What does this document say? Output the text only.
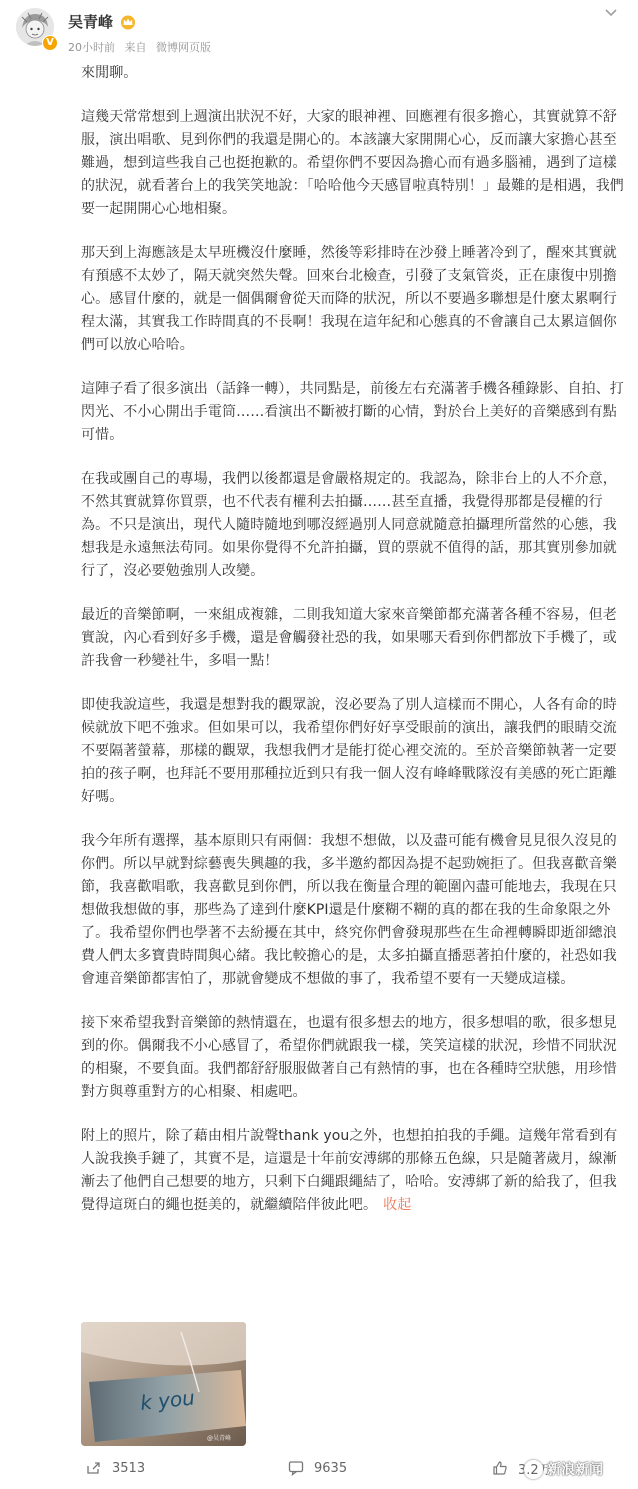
V
吴青峰
20小时前 来自 微博网页版

來閒聊。

這幾天常常想到上週演出狀況不好，大家的眼神裡、回應裡有很多擔心，其實就算不舒服，演出唱歌、見到你們的我還是開心的。本該讓大家開開心心，反而讓大家擔心甚至難過，想到這些我自己也挺抱歉的。希望你們不要因為擔心而有過多腦補，遇到了這樣的狀況，就看著台上的我笑笑地說：「哈哈他今天感冒啦真特別！」最難的是相遇，我們要一起開開心心地相聚。

那天到上海應該是太早班機沒什麼睡，然後等彩排時在沙發上睡著冷到了，醒來其實就有預感不太妙了，隔天就突然失聲。回來台北檢查，引發了支氣管炎，正在康復中別擔心。感冒什麼的，就是一個偶爾會從天而降的狀況，所以不要過多聯想是什麼太累啊行程太滿，其實我工作時間真的不長啊！我現在這年紀和心態真的不會讓自己太累這個你們可以放心哈哈。

這陣子看了很多演出（話鋒一轉），共同點是，前後左右充滿著手機各種錄影、自拍、打閃光、不小心開出手電筒……看演出不斷被打斷的心情，對於台上美好的音樂感到有點可惜。

在我或團自己的專場，我們以後都還是會嚴格規定的。我認為，除非台上的人不介意，不然其實就算你買票，也不代表有權利去拍攝……甚至直播，我覺得那都是侵權的行為。不只是演出，現代人隨時隨地到哪沒經過別人同意就隨意拍攝理所當然的心態，我想我是永遠無法苟同。如果你覺得不允許拍攝，買的票就不值得的話，那其實別參加就行了，沒必要勉強別人改變。

最近的音樂節啊，一來組成複雜，二則我知道大家來音樂節都充滿著各種不容易，但老實說，內心看到好多手機，還是會觸發社恐的我，如果哪天看到你們都放下手機了，或許我會一秒變社牛，多唱一點！

即使我說這些，我還是想對我的觀眾說，沒必要為了別人這樣而不開心，人各有命的時候就放下吧不強求。但如果可以，我希望你們好好享受眼前的演出，讓我們的眼睛交流不要隔著螢幕，那樣的觀眾，我想我們才是能打從心裡交流的。至於音樂節執著一定要拍的孩子啊，也拜託不要用那種拉近到只有我一個人沒有峰峰戰隊沒有美感的死亡距離好嗎。

我今年所有選擇，基本原則只有兩個：我想不想做，以及盡可能有機會見見很久沒見的你們。所以早就對綜藝喪失興趣的我，多半邀約都因為提不起勁婉拒了。但我喜歡音樂節，我喜歡唱歌，我喜歡見到你們，所以我在衡量合理的範圍內盡可能地去，我現在只想做我想做的事，那些為了達到什麼KPI還是什麼糊不糊的真的都在我的生命象限之外了。我希望你們也學著不去紛擾在其中，終究你們會發現那些在生命裡轉瞬即逝卻總浪費人們太多寶貴時間與心緒。我比較擔心的是，太多拍攝直播惡著拍什麼的，社恐如我會連音樂節都害怕了，那就會變成不想做的事了，我希望不要有一天變成這樣。

接下來希望我對音樂節的熱情還在，也還有很多想去的地方，很多想唱的歌，很多想見到的你。偶爾我不小心感冒了，希望你們就跟我一樣，笑笑這樣的狀況，珍惜不同狀況的相聚，不要負面。我們都舒舒服服做著自己有熱情的事，也在各種時空狀態，用珍惜對方與尊重對方的心相聚、相處吧。

附上的照片，除了藉由相片說聲thank you之外，也想拍拍我的手繩。這幾年常看到有人說我換手鏈了，其實不是，這還是十年前安溥綁的那條五色線，只是隨著歲月，線漸漸去了他們自己想要的地方，只剩下白繩跟繩結了，哈哈。安溥綁了新的給我了，但我覺得這斑白的繩也挺美的，就繼續陪伴彼此吧。 收起

k you
@吴青峰
3513	9635	3.2万
新浪新闻
